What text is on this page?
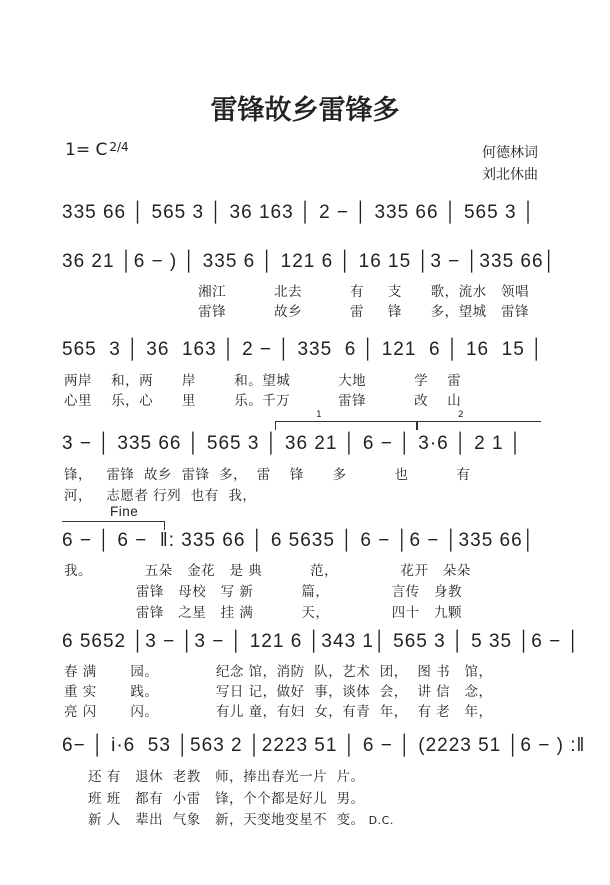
雷锋故乡雷锋多
1= C $^{2/4}$	何德林词
刘北休曲
335 66 │ 565 3 │ 36 163 │ 2 − │ 335 66 │ 565 3 │
36 21 │6 − ) │ 335 6 │ 121 6 │ 16 15 │3 − │335 66│
湘江          北去          有     支      歌，流水   领唱
雷锋          故乡          雷     锋      多，望城   雷锋
565  3 │ 36  163 │ 2 − │ 335  6 │ 121  6 │ 16  15 │
两岸    和，两      岸        和。望城          大地          学    雷
心里    乐，心      里        乐。千万          雷锋          改    山
1	2
3 − │ 335 66 │ 565 3 │ 36 21 │ 6 − │ 3·6 │ 2 1 │
锋，   雷锋  故乡  雷锋  多，  雷    锋      多          也          有
河，   志愿者 行列  也有  我，
Fine
6 − │ 6 −  ‖: 335 66 │ 6 5635 │ 6 − │6 − │335 66│
我。           五朵   金花   是 典          范，             花开   朵朵
雷锋   母校   写 新          篇，             言传   身教
雷锋   之星   挂 满          天，             四十   九颗
6 5652 │3 − │3 − │ 121 6 │343 1│ 565 3 │ 5 35 │6 − │
春 满       园。            纪念 馆，消防  队，艺术  团，  图 书   馆，
重 实       践。            写日 记，做好  事，谈体  会，  讲 信   念，
亮 闪       闪。            有儿 童，有妇  女，有青  年，  有 老   年，
6− │ i·6  53 │563 2 │2223 51 │ 6 − │ (2223 51 │6 − ) :‖
还 有   退休  老教   师，捧出春光一片  片。
班 班   都有  小雷   锋，个个都是好儿  男。
新 人   辈出  气象   新，天变地变星不  变。 D.C.
